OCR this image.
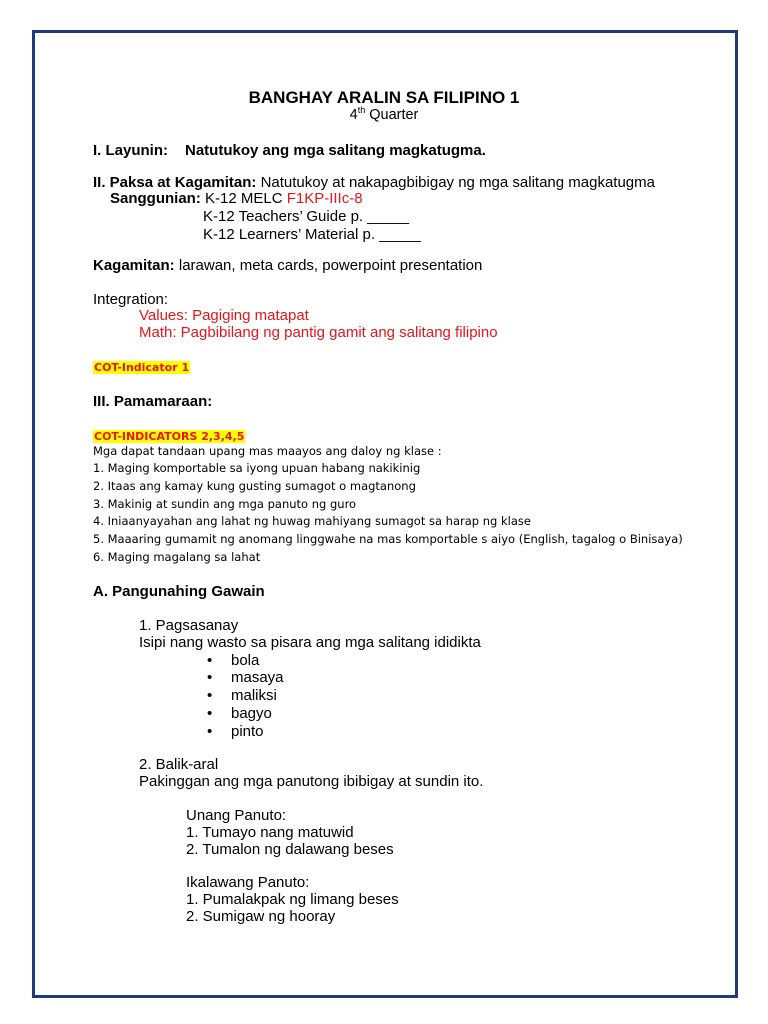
BANGHAY ARALIN SA FILIPINO 1
4th Quarter
I. Layunin: Natutukoy ang mga salitang magkatugma.
II. Paksa at Kagamitan: Natutukoy at nakapagbibigay ng mga salitang magkatugma
Sanggunian: K-12 MELC F1KP-IIIc-8
K-12 Teachers’ Guide p. _____
K-12 Learners’ Material p. _____
Kagamitan: larawan, meta cards, powerpoint presentation
Integration:
Values: Pagiging matapat
Math: Pagbibilang ng pantig gamit ang salitang filipino
COT-Indicator 1
III. Pamamaraan:
COT-INDICATORS 2,3,4,5
Mga dapat tandaan upang mas maayos ang daloy ng klase :
1. Maging komportable sa iyong upuan habang nakikinig
2. Itaas ang kamay kung gusting sumagot o magtanong
3. Makinig at sundin ang mga panuto ng guro
4. Iniaanyayahan ang lahat ng huwag mahiyang sumagot sa harap ng klase
5. Maaaring gumamit ng anomang linggwahe na mas komportable s aiyo (English, tagalog o Binisaya)
6. Maging magalang sa lahat
A. Pangunahing Gawain
1. Pagsasanay
Isipi nang wasto sa pisara ang mga salitang ididikta
• bola
• masaya
• maliksi
• bagyo
• pinto
2. Balik-aral
Pakinggan ang mga panutong ibibigay at sundin ito.
Unang Panuto:
1. Tumayo nang matuwid
2. Tumalon ng dalawang beses
Ikalawang Panuto:
1. Pumalakpak ng limang beses
2. Sumigaw ng hooray
